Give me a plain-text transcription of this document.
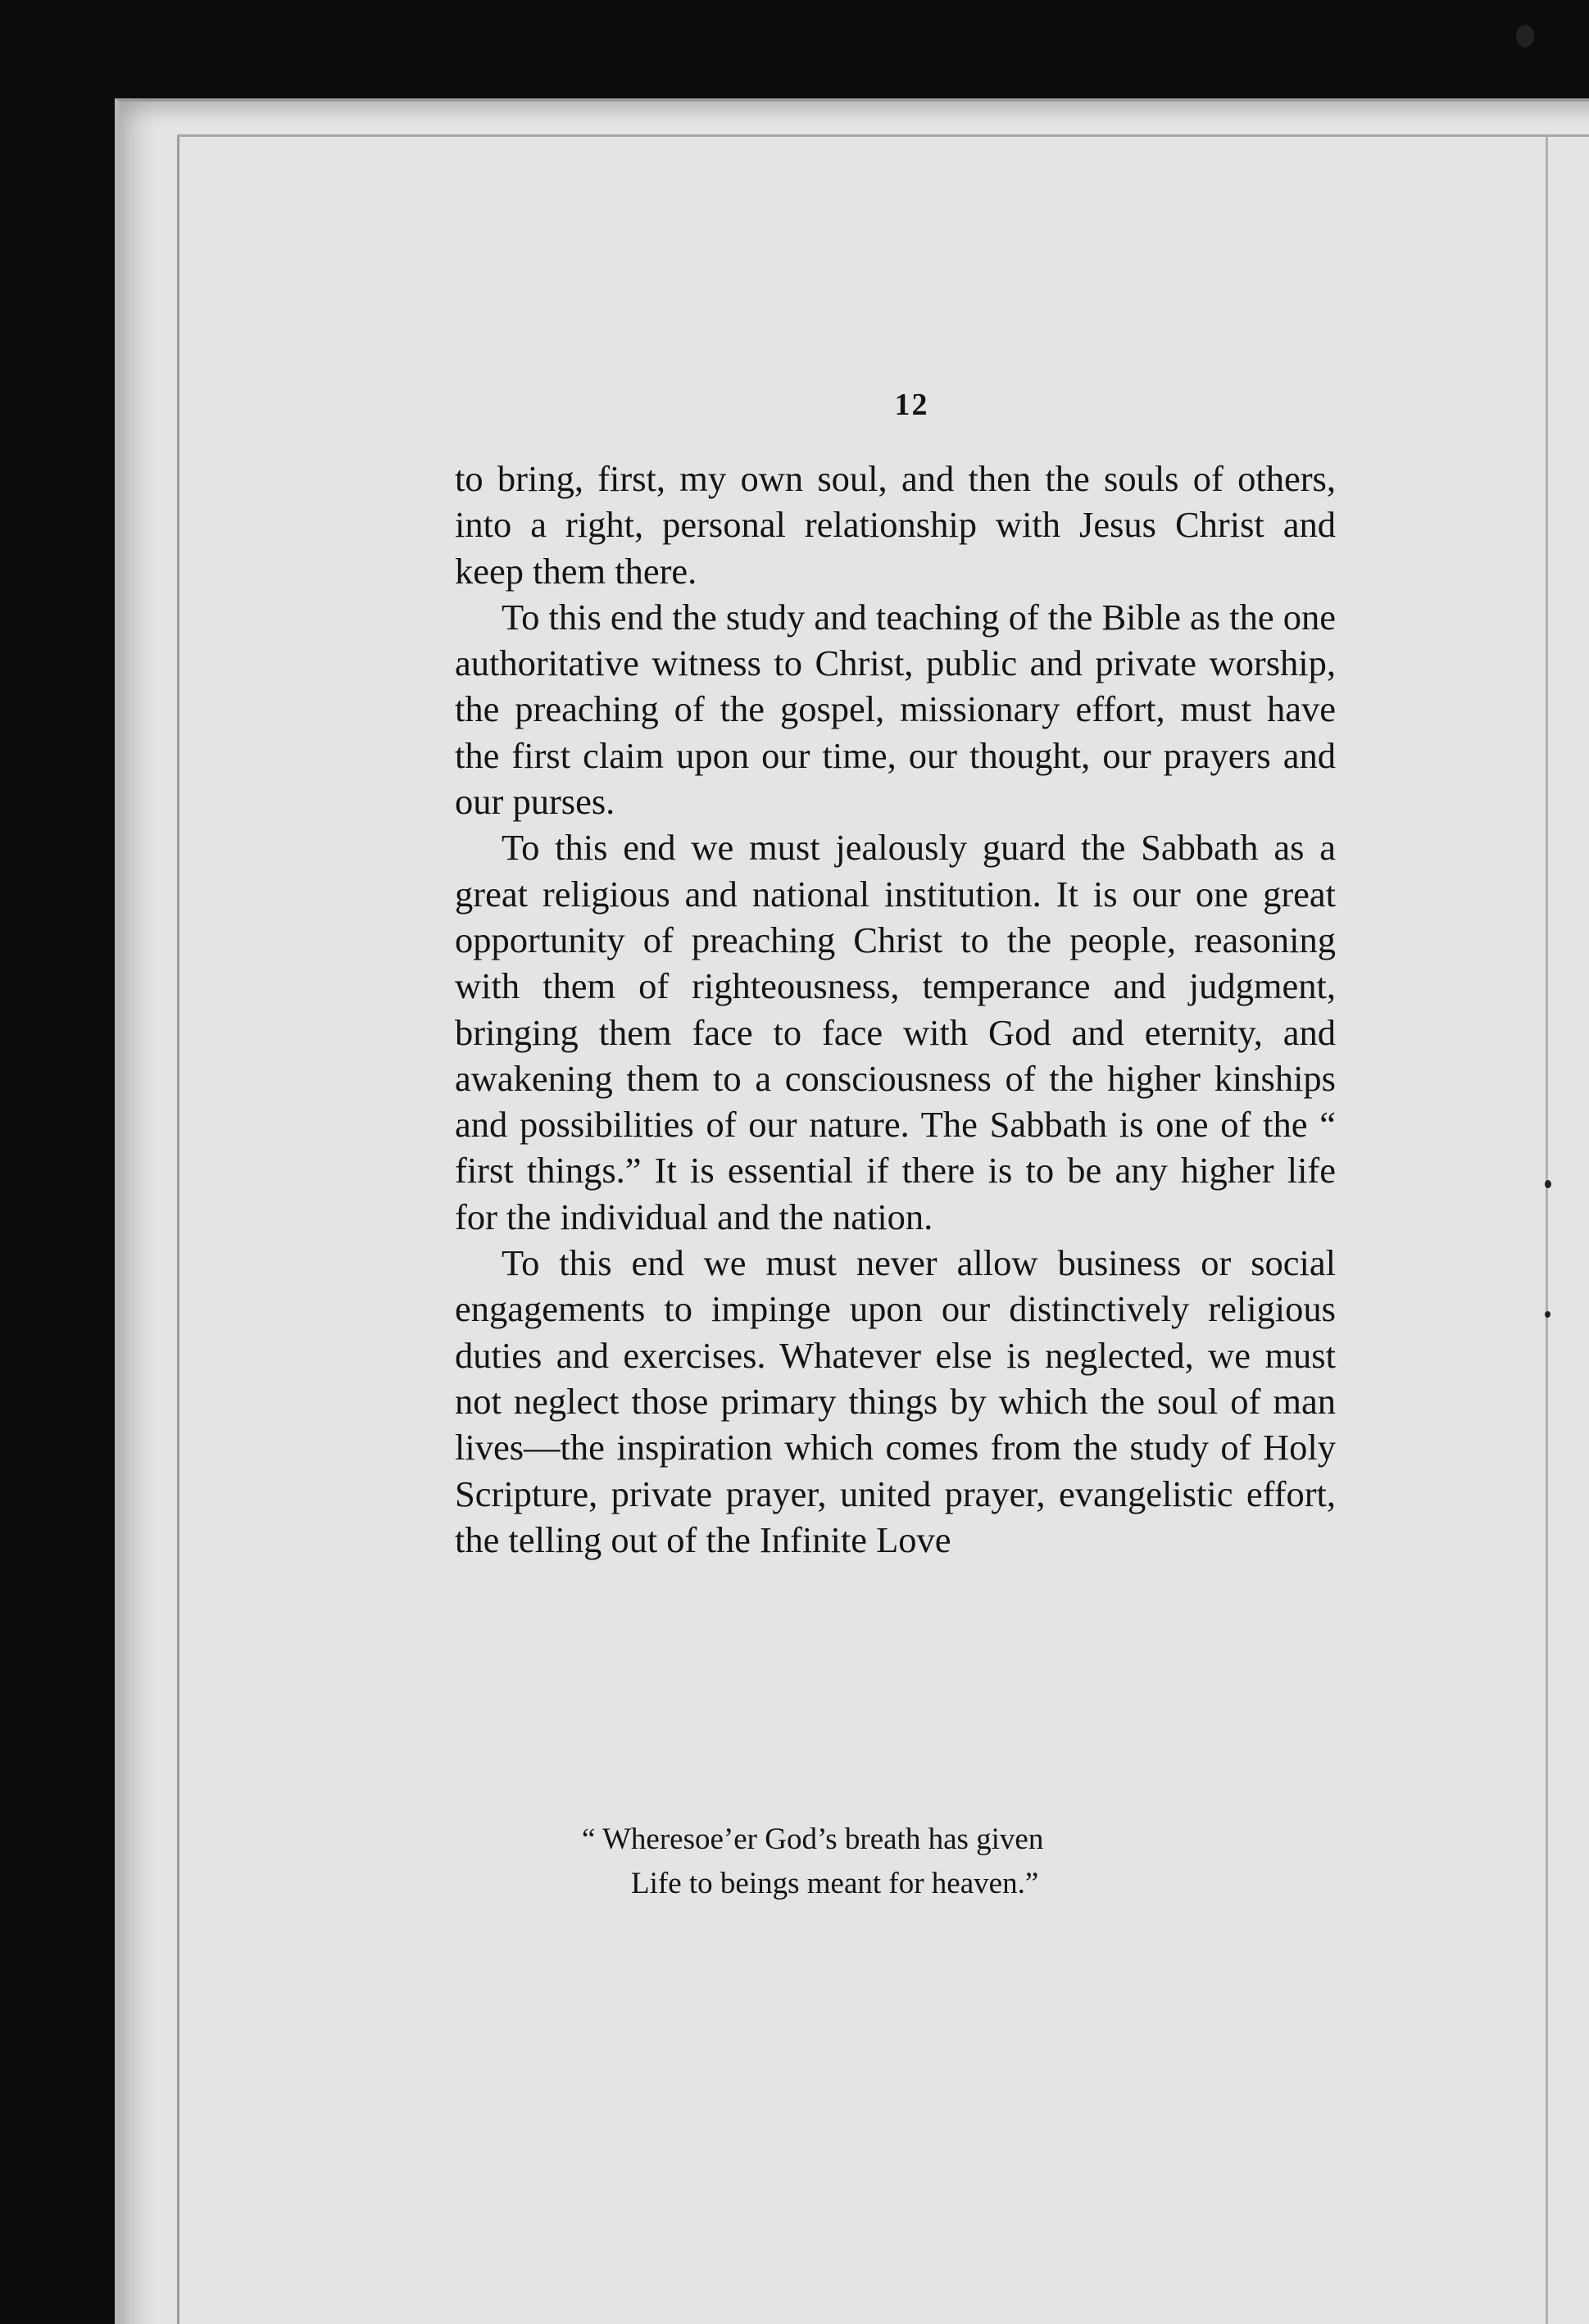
12

to bring, first, my own soul, and then the souls of others, into a right, personal relationship with Jesus Christ and keep them there.

To this end the study and teaching of the Bible as the one authoritative witness to Christ, public and private worship, the preaching of the gospel, missionary effort, must have the first claim upon our time, our thought, our prayers and our purses.

To this end we must jealously guard the Sabbath as a great religious and national institution. It is our one great opportunity of preaching Christ to the people, reasoning with them of righteousness, temperance and judgment, bringing them face to face with God and eternity, and awakening them to a consciousness of the higher kinships and possibilities of our nature. The Sabbath is one of the “ first things.” It is essential if there is to be any higher life for the individual and the nation.

To this end we must never allow business or social engagements to impinge upon our distinctively religious duties and exercises. Whatever else is neglected, we must not neglect those primary things by which the soul of man lives—the inspiration which comes from the study of Holy Scripture, private prayer, united prayer, evangelistic effort, the telling out of the Infinite Love

“ Wheresoe’er God’s breath has given
Life to beings meant for heaven.”
